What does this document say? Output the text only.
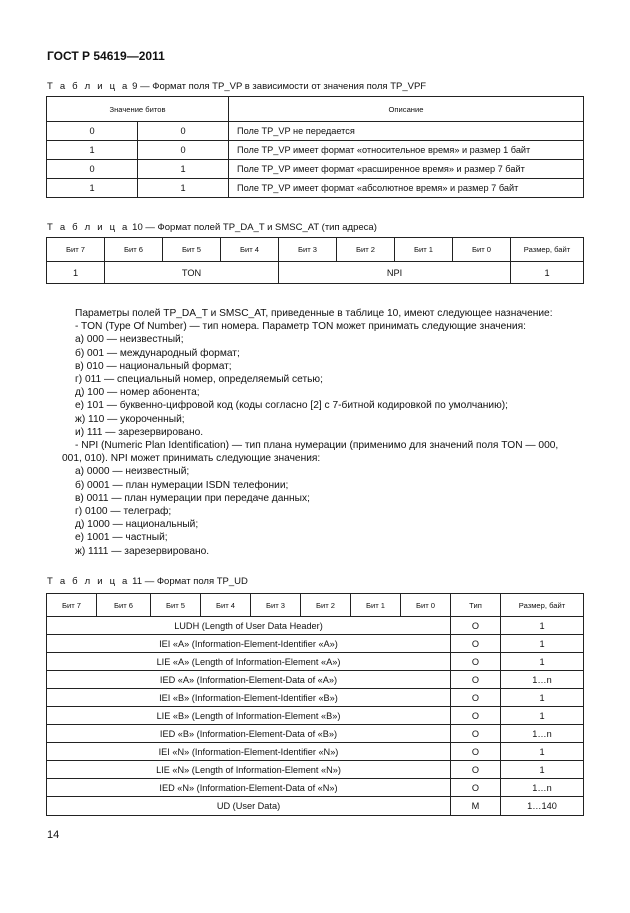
ГОСТ Р 54619—2011
Т а б л и ц а 9 — Формат поля TP_VP в зависимости от значения поля TP_VPF
Значение битов		Описание
0	0	Поле TP_VP не передается
1	0	Поле TP_VP имеет формат «относительное время» и размер 1 байт
0	1	Поле TP_VP имеет формат «расширенное время» и размер 7 байт
1	1	Поле TP_VP имеет формат «абсолютное время» и размер 7 байт
Т а б л и ц а 10 — Формат полей TP_DA_T и SMSC_AT (тип адреса)
Бит 7	Бит 6	Бит 5	Бит 4	Бит 3	Бит 2	Бит 1	Бит 0	Размер, байт
1	TON			NPI				1
Параметры полей TP_DA_T и SMSC_AT, приведенные в таблице 10, имеют следующее назначение:
- TON (Type Of Number) — тип номера. Параметр TON может принимать следующие значения:
а) 000 — неизвестный;
б) 001 — международный формат;
в) 010 — национальный формат;
г) 011 — специальный номер, определяемый сетью;
д) 100 — номер абонента;
е) 101 — буквенно-цифровой код (коды согласно [2] с 7-битной кодировкой по умолчанию);
ж) 110 — укороченный;
и) 111 — зарезервировано.
- NPI (Numeric Plan Identification) — тип плана нумерации (применимо для значений поля TON — 000,
001, 010). NPI может принимать следующие значения:
а) 0000 — неизвестный;
б) 0001 — план нумерации ISDN телефонии;
в) 0011 — план нумерации при передаче данных;
г) 0100 — телеграф;
д) 1000 — национальный;
е) 1001 — частный;
ж) 1111 — зарезервировано.
Т а б л и ц а 11 — Формат поля TP_UD
Бит 7	Бит 6	Бит 5	Бит 4	Бит 3	Бит 2	Бит 1	Бит 0	Тип	Размер, байт
LUDH (Length of User Data Header)								O	1
IEI «A» (Information-Element-Identifier «A»)								O	1
LIE «A» (Length of Information-Element «A»)								O	1
IED «A» (Information-Element-Data of «A»)								O	1…n
IEI «B» (Information-Element-Identifier «B»)								O	1
LIE «B» (Length of Information-Element «B»)								O	1
IED «B» (Information-Element-Data of «B»)								O	1…n
IEI «N» (Information-Element-Identifier «N»)								O	1
LIE «N» (Length of Information-Element «N»)								O	1
IED «N» (Information-Element-Data of «N»)								O	1…n
UD (User Data)								M	1…140
14
